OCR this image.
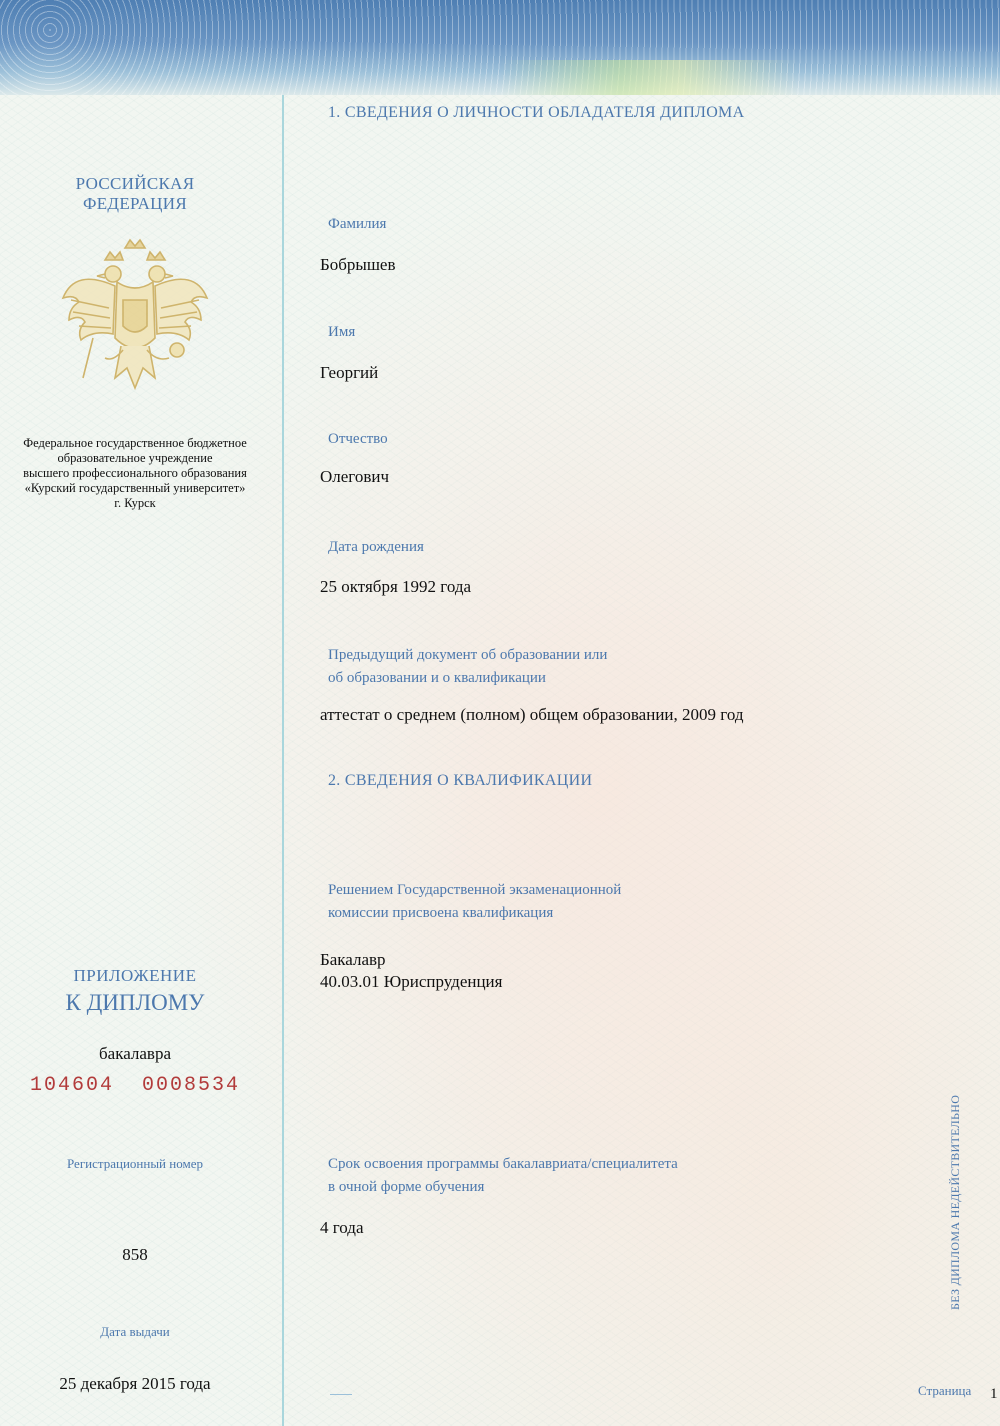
РОССИЙСКАЯ
ФЕДЕРАЦИЯ
Федеральное государственное бюджетное
образовательное учреждение
высшего профессионального образования
«Курский государственный университет»
г. Курск
ПРИЛОЖЕНИЕ
К ДИПЛОМУ
бакалавра
104604  0008534
Регистрационный номер
858
Дата выдачи
25 декабря 2015 года
1. СВЕДЕНИЯ О ЛИЧНОСТИ ОБЛАДАТЕЛЯ ДИПЛОМА
Фамилия
Бобрышев
Имя
Георгий
Отчество
Олегович
Дата рождения
25 октября 1992 года
Предыдущий документ об образовании или
об образовании и о квалификации
аттестат о среднем (полном) общем образовании, 2009 год
2. СВЕДЕНИЯ О КВАЛИФИКАЦИИ
Решением Государственной экзаменационной
комиссии присвоена квалификация
Бакалавр
40.03.01 Юриспруденция
Срок освоения программы бакалавриата/специалитета
в очной форме обучения
4 года	БЕЗ ДИПЛОМА НЕДЕЙСТВИТЕЛЬНО
Страница 1
